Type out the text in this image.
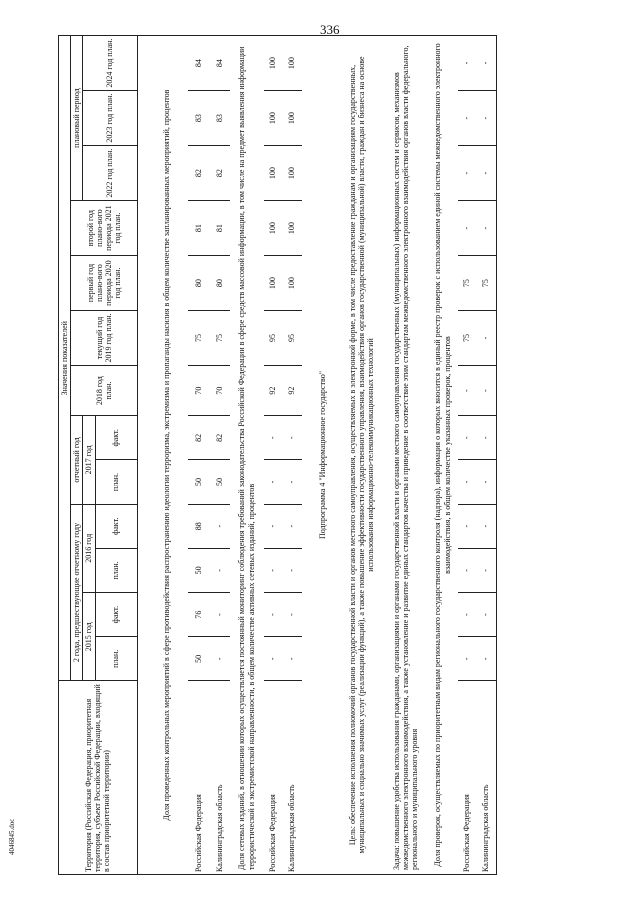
336
4046845.doc	Территория (Российская Федерация, приоритетная территория, субъект Российской Федерации, входящий в состав приоритетной территории)	Значения показателей												
	2 года, предшествующие отчетному году				отчетный год		2018 год план.	текущий год 2019 год план.	первый год плано-вого периода 2020 год план.	второй год плано-вого периода 2021 год план.	плановый период		
	2015 год		2016 год		2017 год						2022 год план.	2023 год план.	2024 год план.
	план.	факт.	план.	факт.	план.	факт.							
Доля проведенных контрольных мероприятий в сфере противодействия распространению идеологии терроризма, экстремизма и пропаганды насилия в общем количестве запланированных мероприятий, процентов													
Российская Федерация	50	76	50	88	50	82	70	75	80	81	82	83	84
Калининградская область	-	-	-	-	50	82	70	75	80	81	82	83	84
Доля сетевых изданий, в отношении которых осуществляется постоянный мониторинг соблюдения требований законодательства Российской Федерации в сфере средств массовой информации, в том числе на предмет выявления информации террористической и экстремистской направленности, в общем количестве активных сетевых изданий, процентов													
Российская Федерация	-	-	-	-	-	-	92	95	100	100	100	100	100
Калининградская область	-	-	-	-	-	-	92	95	100	100	100	100	100
Подпрограмма 4 "Информационное государство"													
Цель: обеспечение исполнения полномочий органов государственной власти и органов местного самоуправления, осуществляемых в электронной форме, в том числе предоставление гражданам и организациям государственных, муниципальных и социально значимых услуг (реализации функций), а также повышение эффективности государственного управления, взаимодействия органов государственной (муниципальной) власти, граждан и бизнеса на основе использования информационно-телекоммуникационных технологий													
Задача: повышение удобства использования гражданами, организациями и органами государственной власти и органами местного самоуправления государственных (муниципальных) информационных систем и сервисов, механизмов межведомственного электронного взаимодействия, а также установление и развитие единых стандартов качества и приведение в соответствие этим стандартам межведомственного электронного взаимодействия органов власти федерального, регионального и муниципального уровня													
Доля проверок, осуществляемых по приоритетным видам регионального государственного контроля (надзора), информация о которых вносится в единый реестр проверок с использованием единой системы межведомственного электронного взаимодействия, в общем количестве указанных проверок, процентов													
Российская Федерация	-	-	-	-	-	-	-	75	75	-	-	-	-
Калининградская область	-	-	-	-	-	-	-	-	75	-	-	-	-
